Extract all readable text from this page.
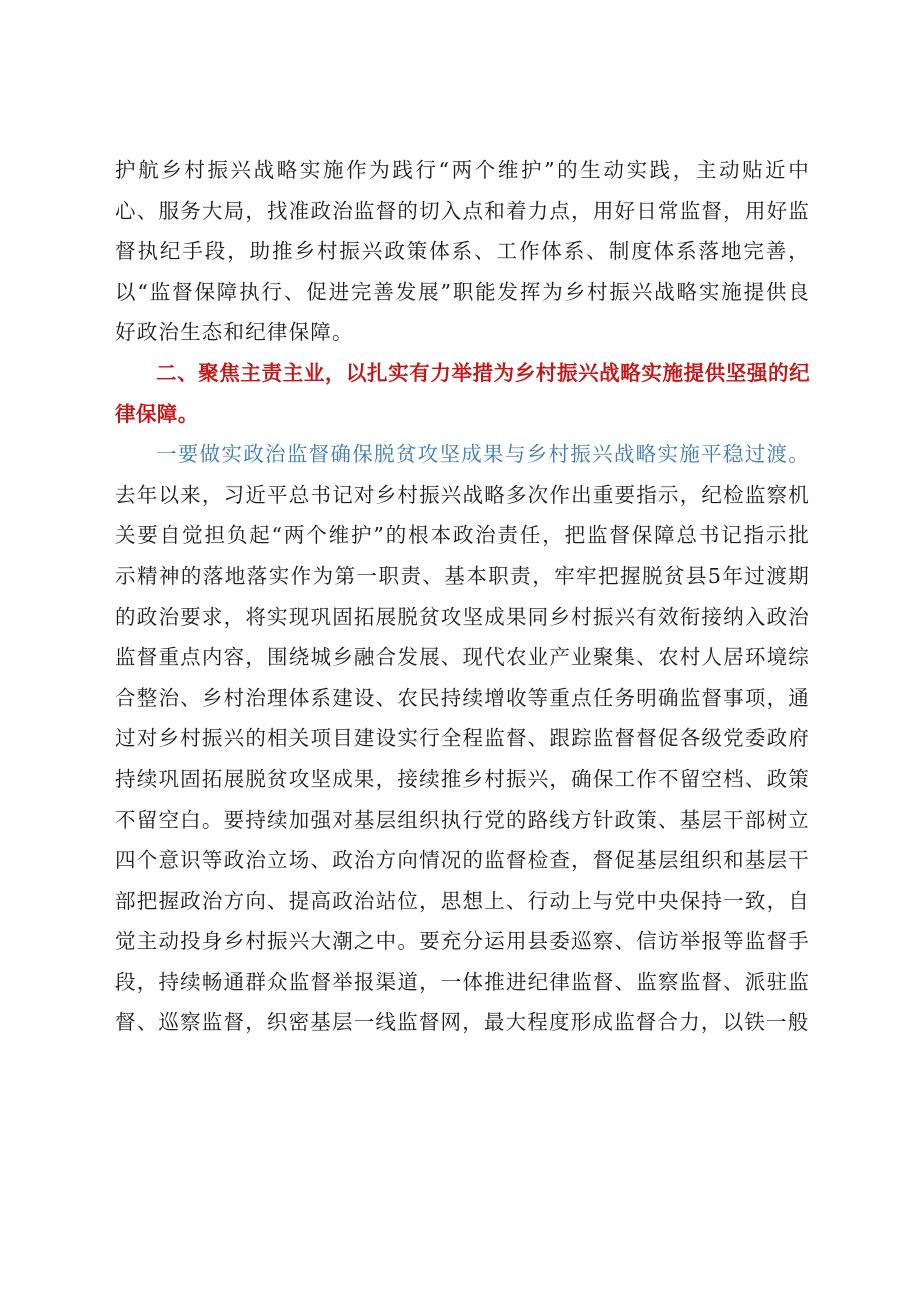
护航乡村振兴战略实施作为践行“两个维护”的生动实践，主动贴近中心、服务大局，找准政治监督的切入点和着力点，用好日常监督，用好监督执纪手段，助推乡村振兴政策体系、工作体系、制度体系落地完善，以“监督保障执行、促进完善发展”职能发挥为乡村振兴战略实施提供良好政治生态和纪律保障。

二、聚焦主责主业，以扎实有力举措为乡村振兴战略实施提供坚强的纪律保障。

一要做实政治监督确保脱贫攻坚成果与乡村振兴战略实施平稳过渡。去年以来，习近平总书记对乡村振兴战略多次作出重要指示，纪检监察机关要自觉担负起“两个维护”的根本政治责任，把监督保障总书记指示批示精神的落地落实作为第一职责、基本职责，牢牢把握脱贫县5年过渡期的政治要求，将实现巩固拓展脱贫攻坚成果同乡村振兴有效衔接纳入政治监督重点内容，围绕城乡融合发展、现代农业产业聚集、农村人居环境综合整治、乡村治理体系建设、农民持续增收等重点任务明确监督事项，通过对乡村振兴的相关项目建设实行全程监督、跟踪监督督促各级党委政府持续巩固拓展脱贫攻坚成果，接续推乡村振兴，确保工作不留空档、政策不留空白。要持续加强对基层组织执行党的路线方针政策、基层干部树立四个意识等政治立场、政治方向情况的监督检查，督促基层组织和基层干部把握政治方向、提高政治站位，思想上、行动上与党中央保持一致，自觉主动投身乡村振兴大潮之中。要充分运用县委巡察、信访举报等监督手段，持续畅通群众监督举报渠道，一体推进纪律监督、监察监督、派驻监督、巡察监督，织密基层一线监督网，最大程度形成监督合力，以铁一般
